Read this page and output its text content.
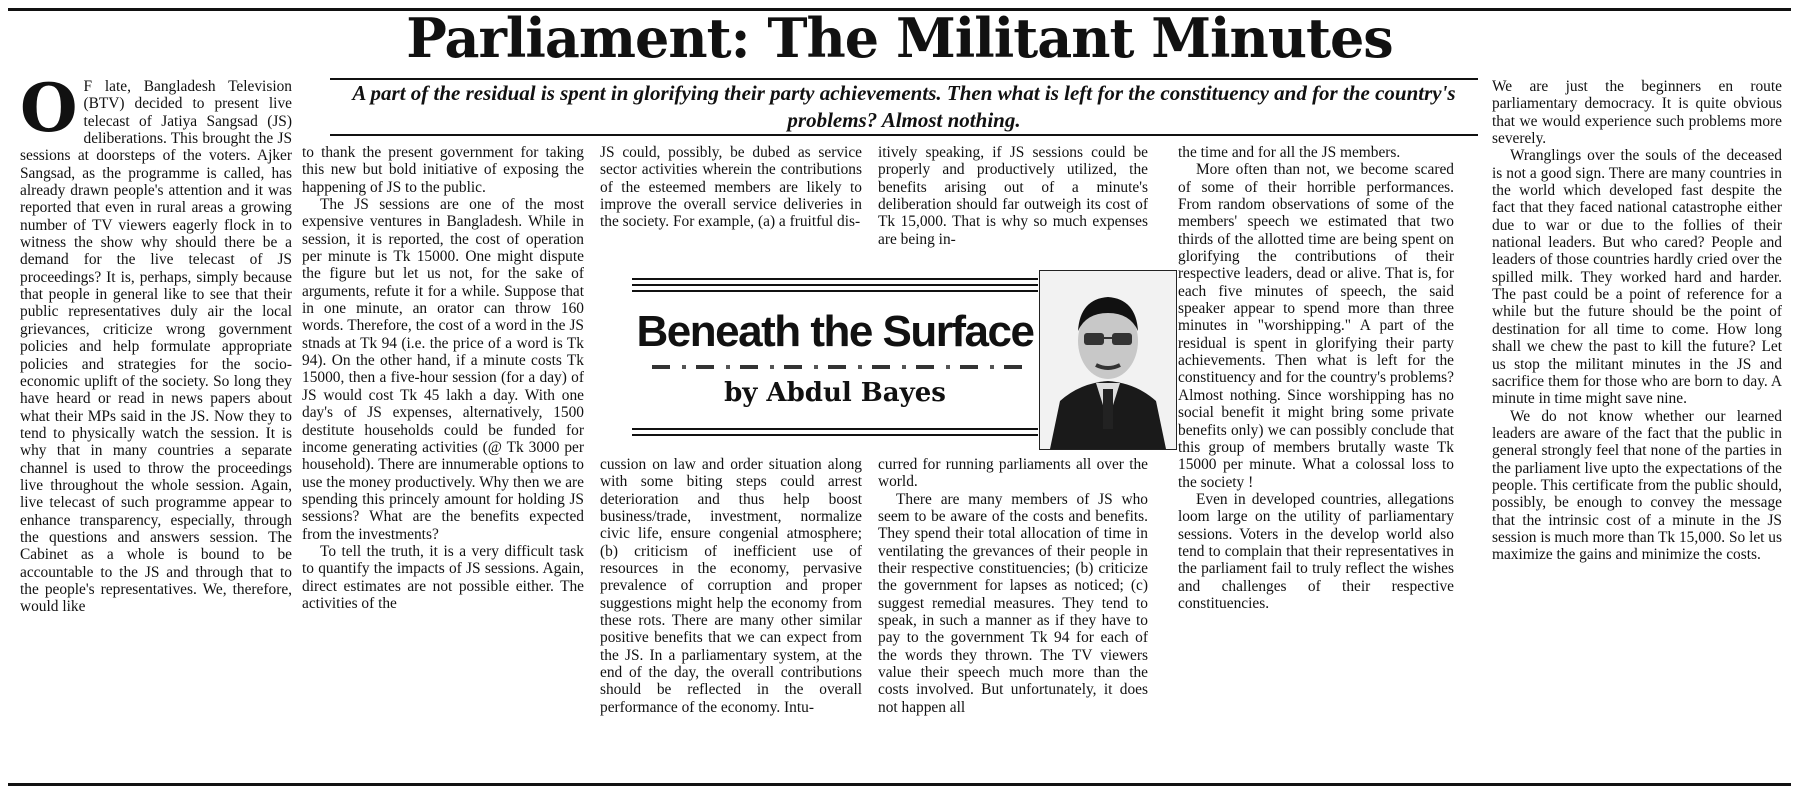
Parliament: The Militant Minutes
A part of the residual is spent in glorifying their party achievements. Then what is left for the constituency and for the country's problems? Almost nothing.
O F late, Bangladesh Television (BTV) decided to present live telecast of Jatiya Sangsad (JS) deliberations. This brought the JS sessions at doorsteps of the voters. Ajker Sangsad, as the programme is called, has already drawn people's attention and it was reported that even in rural areas a growing number of TV viewers eagerly flock in to witness the show why should there be a demand for the live telecast of JS proceedings? It is, perhaps, simply because that people in general like to see that their public representatives duly air the local grievances, criticize wrong government policies and help formulate appropriate policies and strategies for the socio-economic uplift of the society. So long they have heard or read in news papers about what their MPs said in the JS. Now they to tend to physically watch the session. It is why that in many countries a separate channel is used to throw the proceedings live throughout the whole session. Again, live telecast of such programme appear to enhance transparency, especially, through the questions and answers session. The Cabinet as a whole is bound to be accountable to the JS and through that to the people's representatives. We, therefore, would like

to thank the present government for taking this new but bold initiative of exposing the happening of JS to the public.

The JS sessions are one of the most expensive ventures in Bangladesh. While in session, it is reported, the cost of operation per minute is Tk 15000. One might dispute the figure but let us not, for the sake of arguments, refute it for a while. Suppose that in one minute, an orator can throw 160 words. Therefore, the cost of a word in the JS stnads at Tk 94 (i.e. the price of a word is Tk 94). On the other hand, if a minute costs Tk 15000, then a five-hour session (for a day) of JS would cost Tk 45 lakh a day. With one day's of JS expenses, alternatively, 1500 destitute households could be funded for income generating activities (@ Tk 3000 per household). There are innumerable options to use the money productively. Why then we are spending this princely amount for holding JS sessions? What are the benefits expected from the investments?

To tell the truth, it is a very difficult task to quantify the impacts of JS sessions. Again, direct estimates are not possible either. The activities of the

JS could, possibly, be dubed as service sector activities wherein the contributions of the esteemed members are likely to improve the overall service deliveries in the society. For example, (a) a fruitful dis-

itively speaking, if JS sessions could be properly and productively utilized, the benefits arising out of a minute's deliberation should far outweigh its cost of Tk 15,000. That is why so much expenses are being in-

Beneath the Surface
by Abdul Bayes

cussion on law and order situation along with some biting steps could arrest deterioration and thus help boost business/trade, investment, normalize civic life, ensure congenial atmosphere; (b) criticism of inefficient use of resources in the economy, pervasive prevalence of corruption and proper suggestions might help the economy from these rots. There are many other similar positive benefits that we can expect from the JS. In a parliamentary system, at the end of the day, the overall contributions should be reflected in the overall performance of the economy. Intu-

curred for running parliaments all over the world.

There are many members of JS who seem to be aware of the costs and benefits. They spend their total allocation of time in ventilating the grevances of their people in their respective constituencies; (b) criticize the government for lapses as noticed; (c) suggest remedial measures. They tend to speak, in such a manner as if they have to pay to the government Tk 94 for each of the words they thrown. The TV viewers value their speech much more than the costs involved. But unfortunately, it does not happen all

the time and for all the JS members.

More often than not, we become scared of some of their horrible performances. From random observations of some of the members' speech we estimated that two thirds of the allotted time are being spent on glorifying the contributions of their respective leaders, dead or alive. That is, for each five minutes of speech, the said speaker appear to spend more than three minutes in "worshipping." A part of the residual is spent in glorifying their party achievements. Then what is left for the constituency and for the country's problems? Almost nothing. Since worshipping has no social benefit it might bring some private benefits only) we can possibly conclude that this group of members brutally waste Tk 15000 per minute. What a colossal loss to the society !

Even in developed countries, allegations loom large on the utility of parliamentary sessions. Voters in the develop world also tend to complain that their representatives in the parliament fail to truly reflect the wishes and challenges of their respective constituencies.

We are just the beginners en route parliamentary democracy. It is quite obvious that we would experience such problems more severely.

Wranglings over the souls of the deceased is not a good sign. There are many countries in the world which developed fast despite the fact that they faced national catastrophe either due to war or due to the follies of their national leaders. But who cared? People and leaders of those countries hardly cried over the spilled milk. They worked hard and harder. The past could be a point of reference for a while but the future should be the point of destination for all time to come. How long shall we chew the past to kill the future? Let us stop the militant minutes in the JS and sacrifice them for those who are born to day. A minute in time might save nine.

We do not know whether our learned leaders are aware of the fact that the public in general strongly feel that none of the parties in the parliament live upto the expectations of the people. This certificate from the public should, possibly, be enough to convey the message that the intrinsic cost of a minute in the JS session is much more than Tk 15,000. So let us maximize the gains and minimize the costs.
